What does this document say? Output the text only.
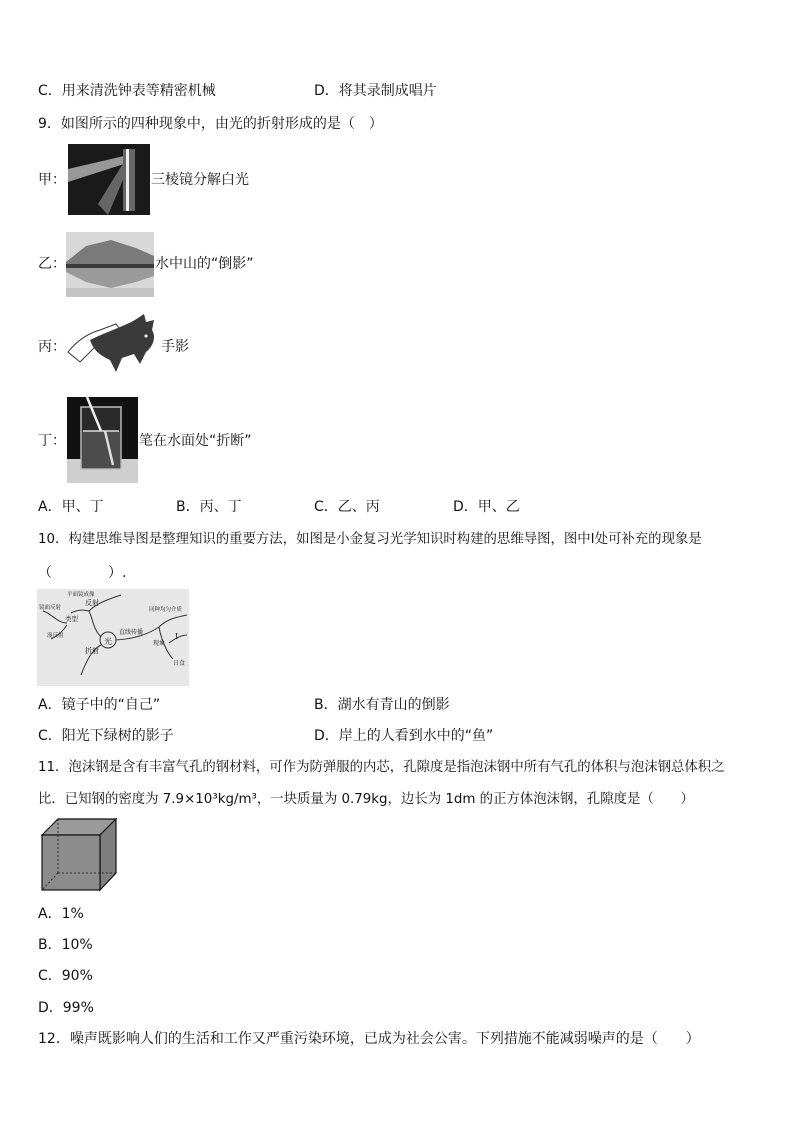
C．用来清洗钟表等精密机械	D．将其录制成唱片
9．如图所示的四种现象中，由光的折射形成的是（　）
甲：	三棱镜分解白光
乙：	水中山的“倒影”
丙：	手影
丁：	笔在水面处“折断”
A．甲、丁	B．丙、丁	C．乙、丙	D．甲、乙
10．构建思维导图是整理知识的重要方法，如图是小金复习光学知识时构建的思维导图，图中Ⅰ处可补充的现象是
（　　　　）.
光
反射
类型
镜面反射
漫反射
平面镜成像
折射
直线传播
同种均匀介质
现象
Ⅰ
日食
A．镜子中的“自己”	B．湖水有青山的倒影
C．阳光下绿树的影子	D．岸上的人看到水中的“鱼”
11．泡沫钢是含有丰富气孔的钢材料，可作为防弹服的内芯，孔隙度是指泡沫钢中所有气孔的体积与泡沫钢总体积之
比．已知钢的密度为 7.9×10³kg/m³，一块质量为 0.79kg，边长为 1dm 的正方体泡沫钢，孔隙度是（　　）
A．1%
B．10%
C．90%
D．99%
12．噪声既影响人们的生活和工作又严重污染环境，已成为社会公害。下列措施不能减弱噪声的是（　　）
